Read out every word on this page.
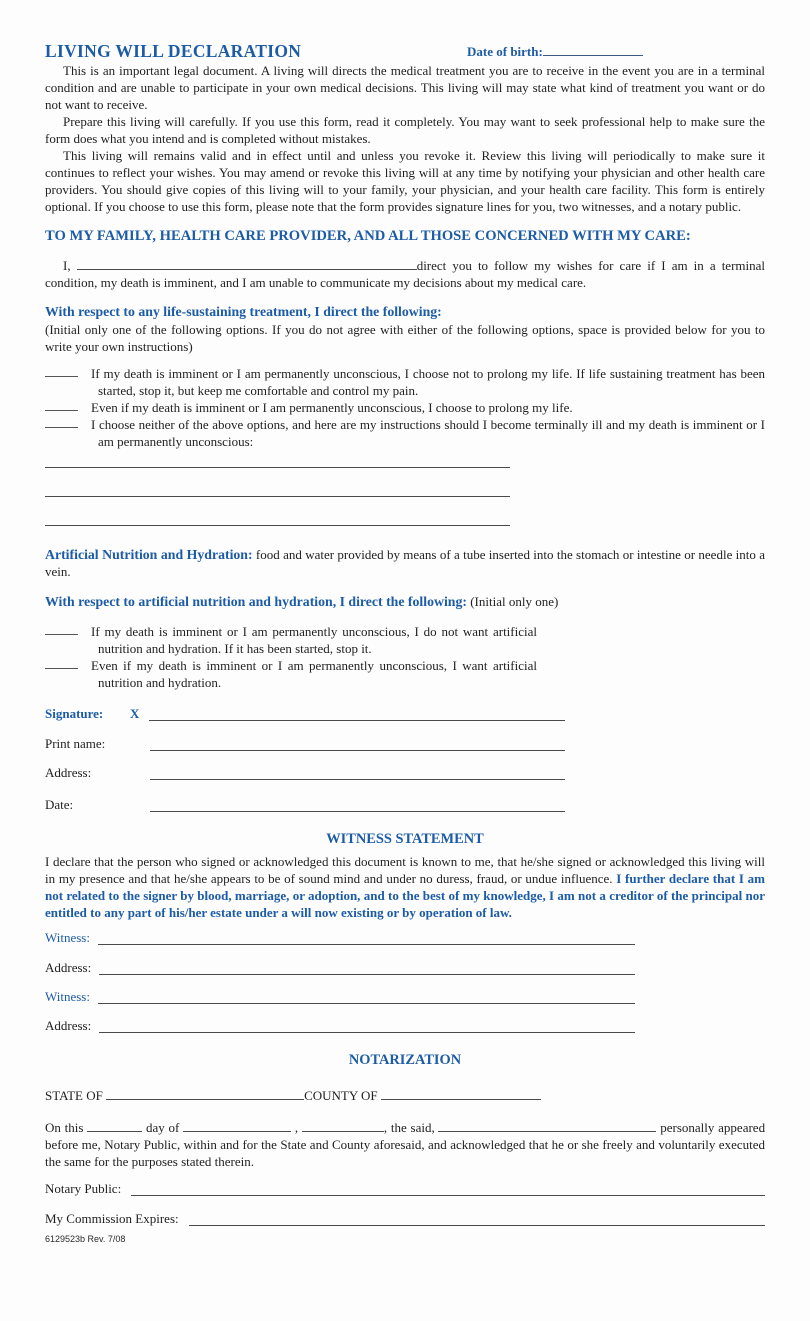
LIVING WILL DECLARATION	Date of birth:

This is an important legal document. A living will directs the medical treatment you are to receive in the event you are in a terminal condition and are unable to participate in your own medical decisions. This living will may state what kind of treatment you want or do not want to receive.

Prepare this living will carefully. If you use this form, read it completely. You may want to seek professional help to make sure the form does what you intend and is completed without mistakes.

This living will remains valid and in effect until and unless you revoke it. Review this living will periodically to make sure it continues to reflect your wishes. You may amend or revoke this living will at any time by notifying your physician and other health care providers. You should give copies of this living will to your family, your physician, and your health care facility. This form is entirely optional. If you choose to use this form, please note that the form provides signature lines for you, two witnesses, and a notary public.

TO MY FAMILY, HEALTH CARE PROVIDER, AND ALL THOSE CONCERNED WITH MY CARE:

I,	direct you to follow my wishes for care if I am in a terminal condition, my death is imminent, and I am unable to communicate my decisions about my medical care.

With respect to any life-sustaining treatment, I direct the following:

(Initial only one of the following options. If you do not agree with either of the following options, space is provided below for you to write your own instructions)

If my death is imminent or I am permanently unconscious, I choose not to prolong my life. If life sustaining treatment has been started, stop it, but keep me comfortable and control my pain.
Even if my death is imminent or I am permanently unconscious, I choose to prolong my life.
I choose neither of the above options, and here are my instructions should I become terminally ill and my death is imminent or I am permanently unconscious:

Artificial Nutrition and Hydration: food and water provided by means of a tube inserted into the stomach or intestine or needle into a vein.

With respect to artificial nutrition and hydration, I direct the following: (Initial only one)
If my death is imminent or I am permanently unconscious, I do not want artificial nutrition and hydration. If it has been started, stop it.
Even if my death is imminent or I am permanently unconscious, I want artificial nutrition and hydration.
Signature:	X
Print name:
Address:
Date:
WITNESS STATEMENT

I declare that the person who signed or acknowledged this document is known to me, that he/she signed or acknowledged this living will in my presence and that he/she appears to be of sound mind and under no duress, fraud, or undue influence. I further declare that I am not related to the signer by blood, marriage, or adoption, and to the best of my knowledge, I am not a creditor of the principal nor entitled to any part of his/her estate under a will now existing or by operation of law.

Witness:
Address:
Witness:
Address:
NOTARIZATION
STATE OF	COUNTY OF

On this	day of	,	, the said,	personally appeared before me, Notary Public, within and for the State and County aforesaid, and acknowledged that he or she freely and voluntarily executed the same for the purposes stated therein.

Notary Public:
My Commission Expires:
6129523b Rev. 7/08
